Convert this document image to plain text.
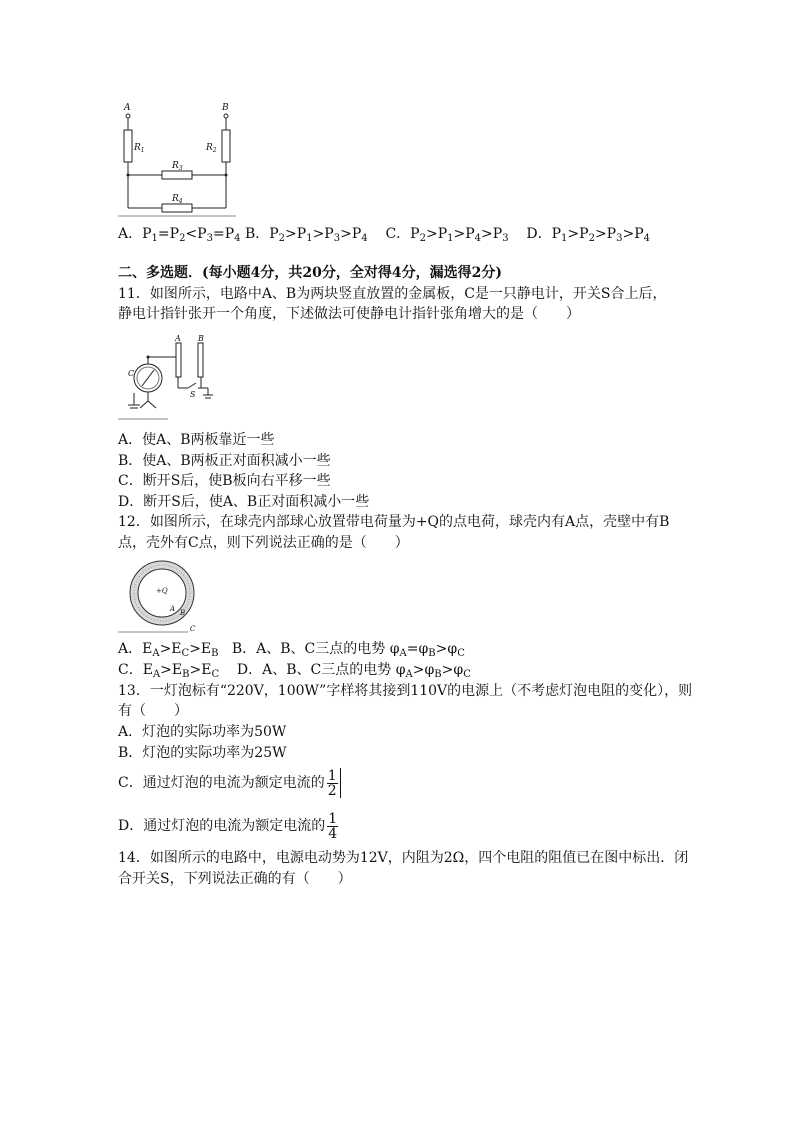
A	B
$R_1$	$R_2$
$R_3$
$R_4$
A．$P_1=P_2<P_3=P_4$ B．$P_2>P_1>P_3>P_4$ C．$P_2>P_1>P_4>P_3$ D．$P_1>P_2>P_3>P_4$
二、多选题．(每小题4分，共20分，全对得4分，漏选得2分)
11．如图所示，电路中A、B为两块竖直放置的金属板，C是一只静电计，开关S合上后，
静电计指针张开一个角度，下述做法可使静电计指针张角增大的是（　　）
A B
C
S
A．使A、B两板靠近一些
B．使A、B两板正对面积减小一些
C．断开S后，使B板向右平移一些
D．断开S后，使A、B正对面积减小一些
12．如图所示，在球壳内部球心放置带电荷量为+Q的点电荷，球壳内有A点，壳壁中有B
点，壳外有C点，则下列说法正确的是（　　）
+Q
A B
C
A．$E_A>E_C>E_B$ B．A、B、C三点的电势 $\varphi_A=\varphi_B>\varphi_C$
C．$E_A>E_B>E_C$ D．A、B、C三点的电势 $\varphi_A>\varphi_B>\varphi_C$
13．一灯泡标有“220V，100W”字样将其接到110V的电源上（不考虑灯泡电阻的变化），则
有（　　）
A．灯泡的实际功率为50W
B．灯泡的实际功率为25W
C．通过灯泡的电流为额定电流的 $\frac{1}{2}$
D．通过灯泡的电流为额定电流的 $\frac{1}{4}$
14．如图所示的电路中，电源电动势为12V，内阻为2Ω，四个电阻的阻值已在图中标出．闭
合开关S，下列说法正确的有（　　）
